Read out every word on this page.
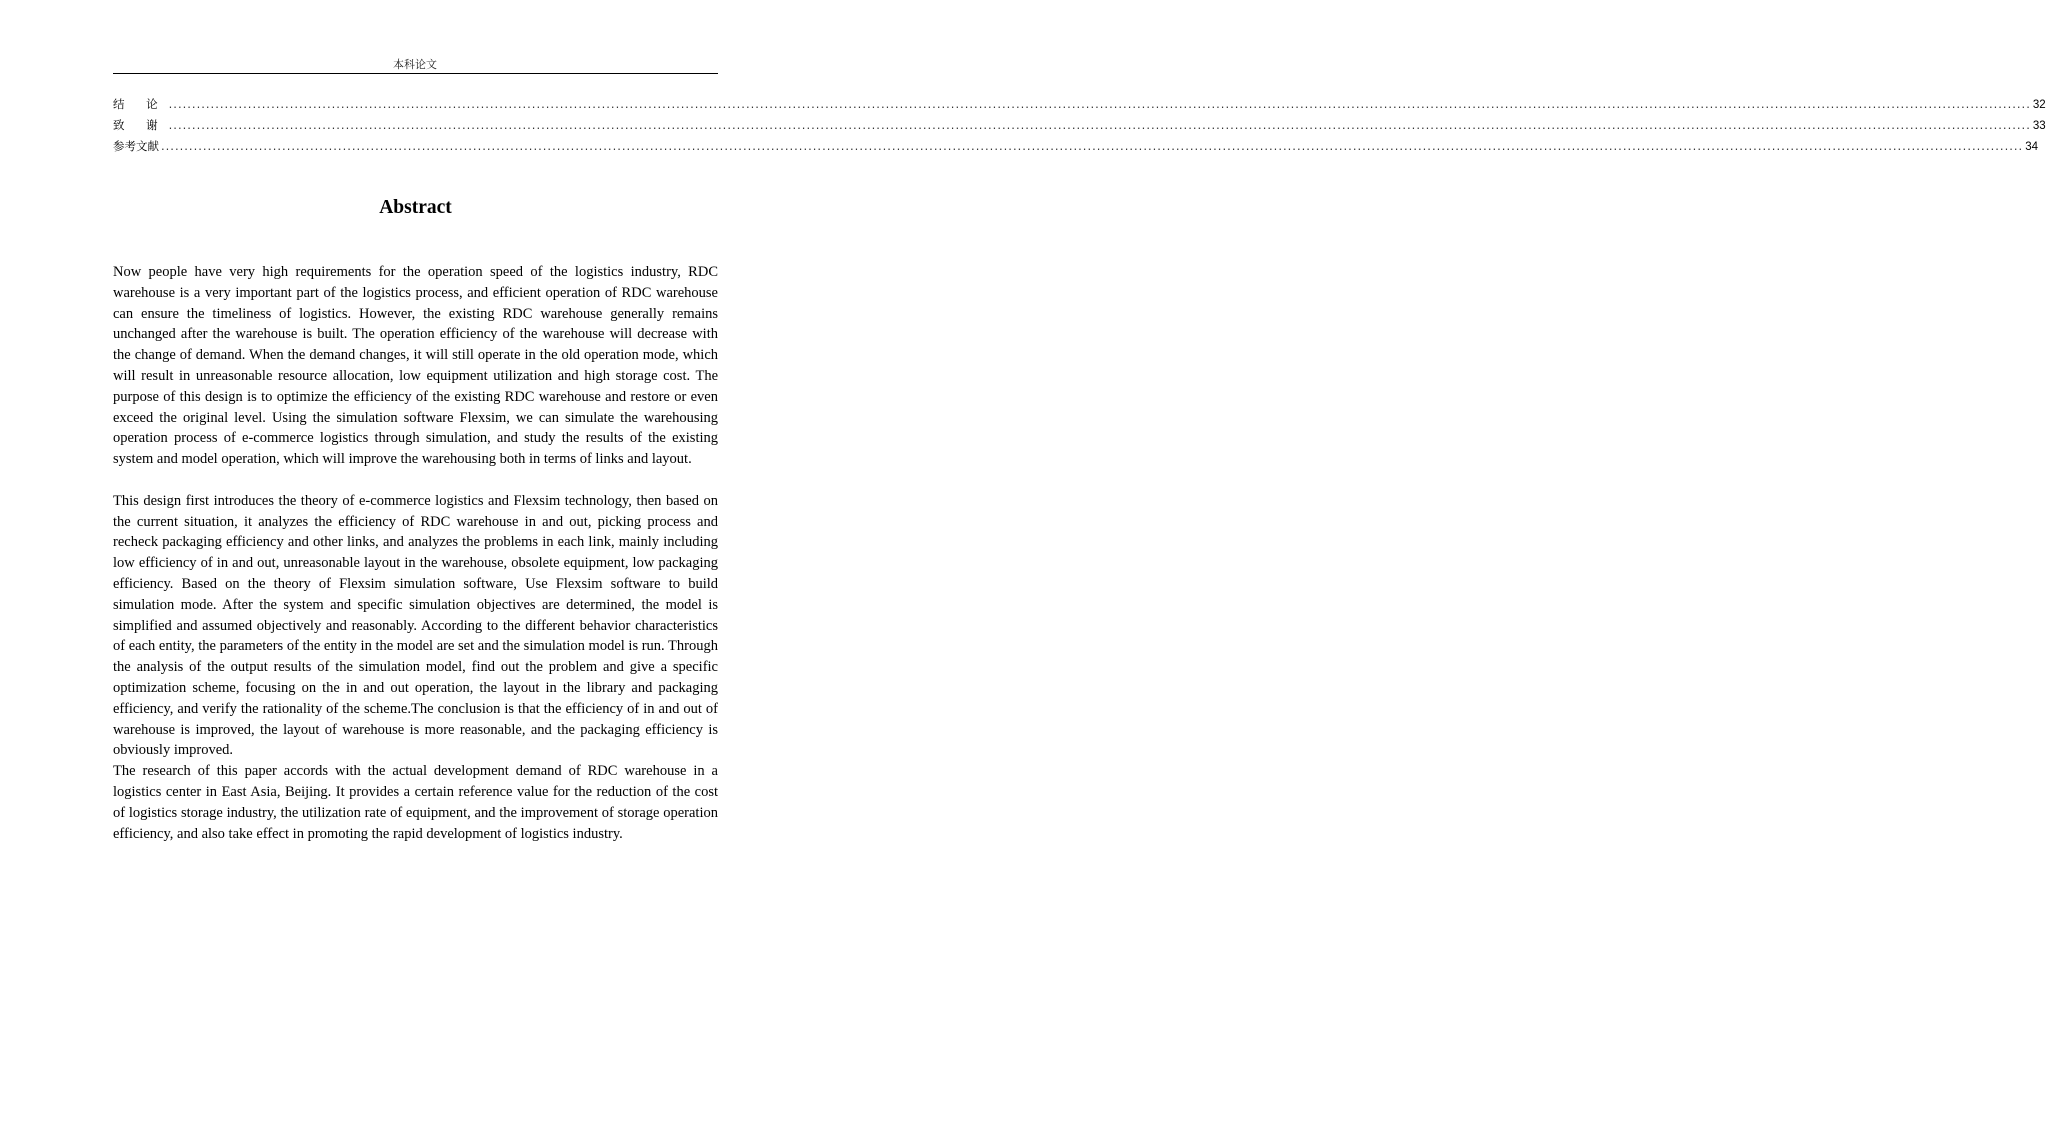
本科论文
结 论 ................................................................................................................................................................................................................................................................................................................................................................................................................ 32
致 谢 ................................................................................................................................................................................................................................................................................................................................................................................................................ 33
参考文献 ................................................................................................................................................................................................................................................................................................................................................................................................................ 34
Abstract

Now people have very high requirements for the operation speed of the logistics industry, RDC warehouse is a very important part of the logistics process, and efficient operation of RDC warehouse can ensure the timeliness of logistics. However, the existing RDC warehouse generally remains unchanged after the warehouse is built. The operation efficiency of the warehouse will decrease with the change of demand. When the demand changes, it will still operate in the old operation mode, which will result in unreasonable resource allocation, low equipment utilization and high storage cost. The purpose of this design is to optimize the efficiency of the existing RDC warehouse and restore or even exceed the original level. Using the simulation software Flexsim, we can simulate the warehousing operation process of e-commerce logistics through simulation, and study the results of the existing system and model operation, which will improve the warehousing both in terms of links and layout.

This design first introduces the theory of e-commerce logistics and Flexsim technology, then based on the current situation, it analyzes the efficiency of RDC warehouse in and out, picking process and recheck packaging efficiency and other links, and analyzes the problems in each link, mainly including low efficiency of in and out, unreasonable layout in the warehouse, obsolete equipment, low packaging efficiency. Based on the theory of Flexsim simulation software, Use Flexsim software to build simulation mode. After the system and specific simulation objectives are determined, the model is simplified and assumed objectively and reasonably. According to the different behavior characteristics of each entity, the parameters of the entity in the model are set and the simulation model is run. Through the analysis of the output results of the simulation model, find out the problem and give a specific optimization scheme, focusing on the in and out operation, the layout in the library and packaging efficiency, and verify the rationality of the scheme.The conclusion is that the efficiency of in and out of warehouse is improved, the layout of warehouse is more reasonable, and the packaging efficiency is obviously improved.

The research of this paper accords with the actual development demand of RDC warehouse in a logistics center in East Asia, Beijing. It provides a certain reference value for the reduction of the cost of logistics storage industry, the utilization rate of equipment, and the improvement of storage operation efficiency, and also take effect in promoting the rapid development of logistics industry.
